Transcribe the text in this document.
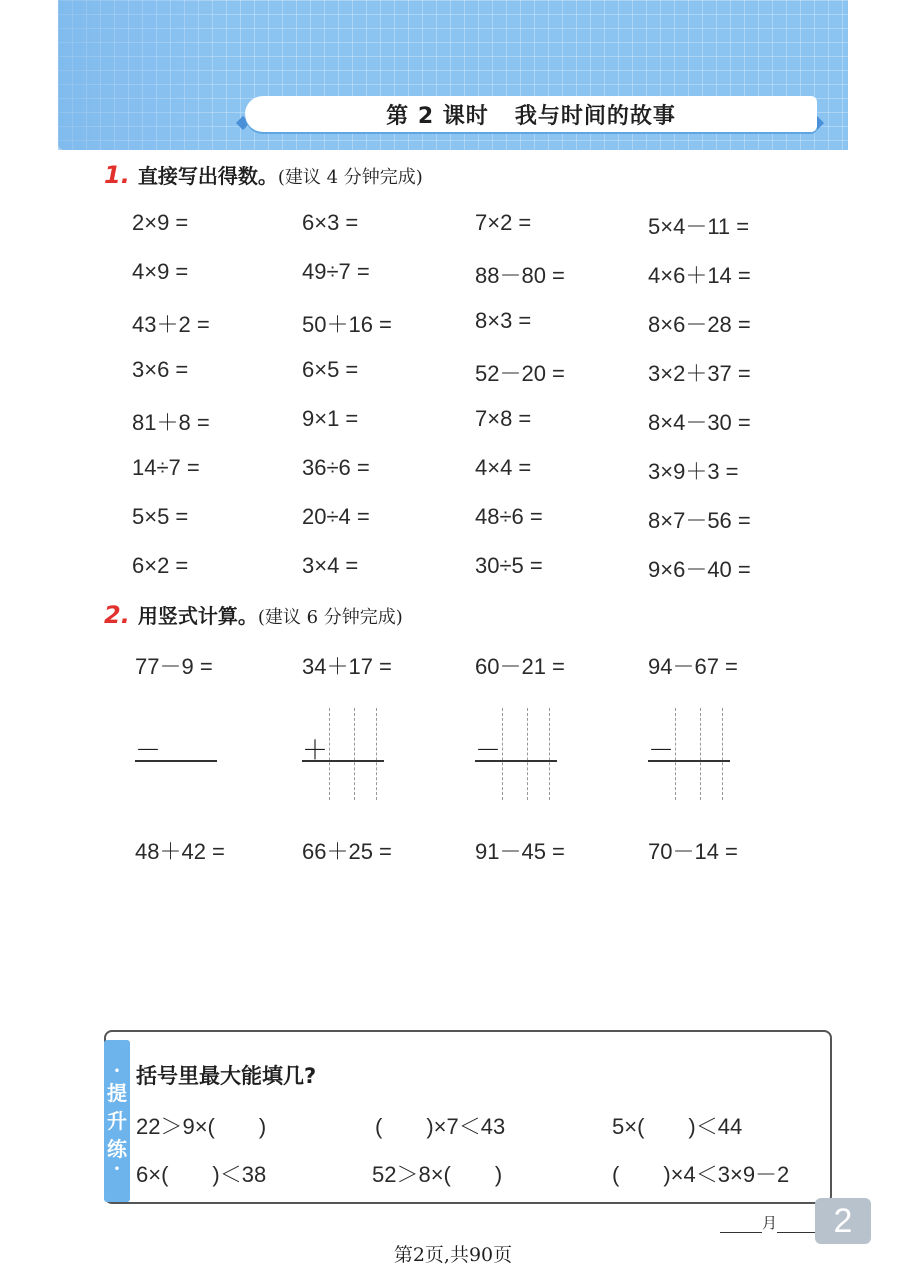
第 2 课时 我与时间的故事
1. 直接写出得数。 (建议 4 分钟完成)
2×9 =	6×3 =	7×2 =	5×4－11 =
4×9 =	49÷7 =	88－80 =	4×6＋14 =
43＋2 =	50＋16 =	8×3 =	8×6－28 =
3×6 =	6×5 =	52－20 =	3×2＋37 =
81＋8 =	9×1 =	7×8 =	8×4－30 =
14÷7 =	36÷6 =	4×4 =	3×9＋3 =
5×5 =	20÷4 =	48÷6 =	8×7－56 =
6×2 =	3×4 =	30÷5 =	9×6－40 =
2. 用竖式计算。 (建议 6 分钟完成)
77－9 =	34＋17 =	60－21 =	94－67 =
－	＋	－	－
48＋42 =	66＋25 =	91－45 =	70－14 =
•
提
升
练
•
括号里最大能填几?
22＞9×(　　)	(　　)×7＜43	5×(　　)＜44
6×(　　)＜38	52＞8×(　　)	(　　)×4＜3×9－2
月	2
第2页,共90页
